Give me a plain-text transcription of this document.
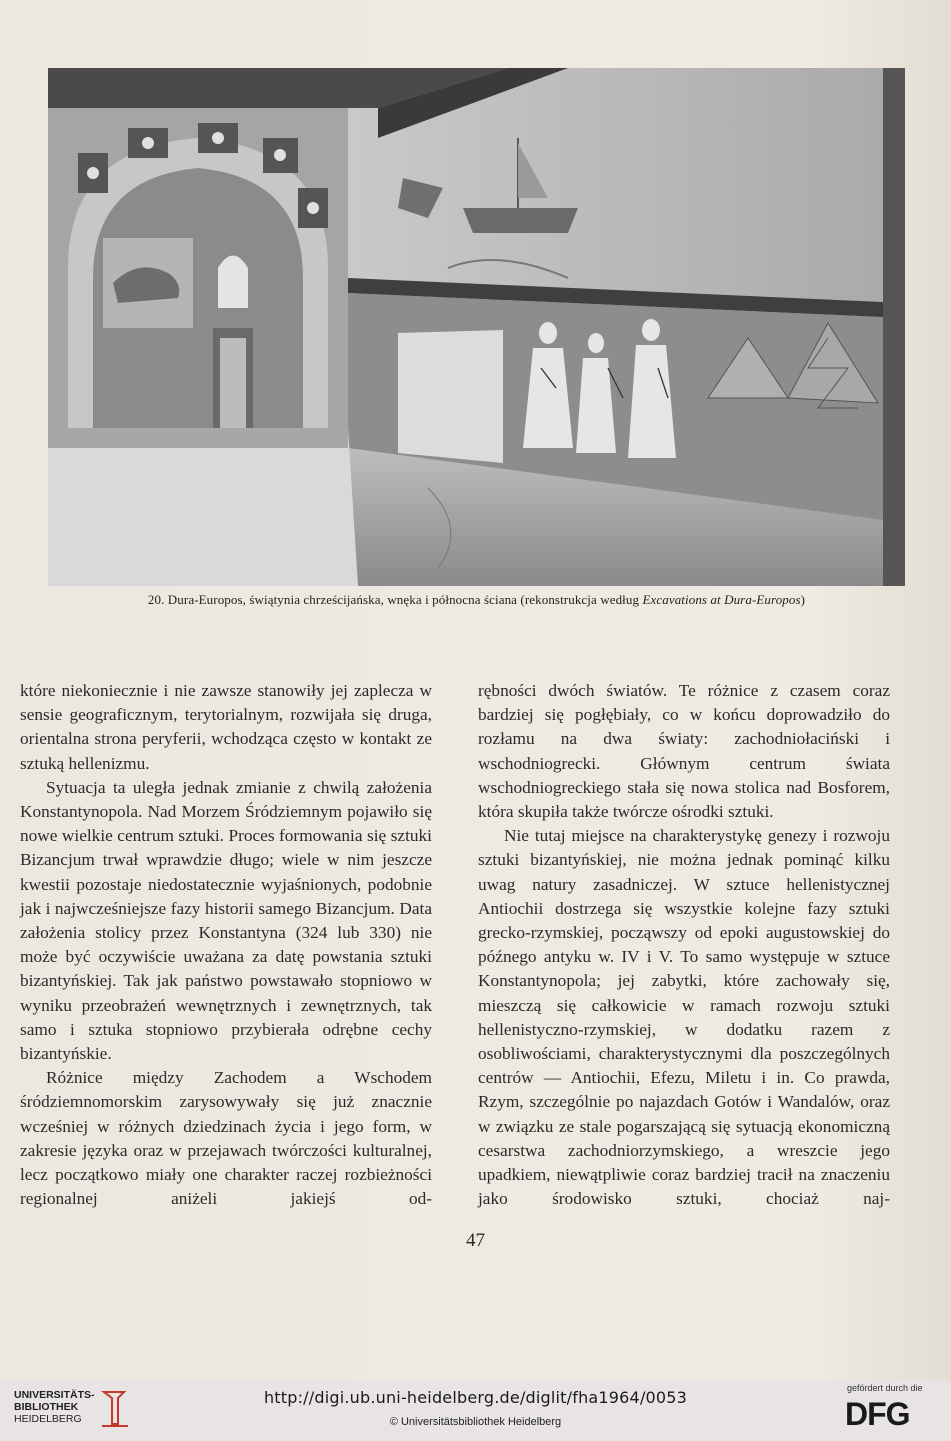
20. Dura-Europos, świątynia chrześcijańska, wnęka i północna ściana (rekonstrukcja według Excavations at Dura-Europos)

które niekoniecznie i nie zawsze stanowiły jej zaplecza w sensie geograficznym, terytorialnym, rozwijała się druga, orientalna strona peryferii, wchodząca często w kontakt ze sztuką hellenizmu.

Sytuacja ta uległa jednak zmianie z chwilą założenia Konstantynopola. Nad Morzem Śródziemnym pojawiło się nowe wielkie centrum sztuki. Proces formowania się sztuki Bizancjum trwał wprawdzie długo; wiele w nim jeszcze kwestii pozostaje niedostatecznie wyjaśnionych, podobnie jak i najwcześniejsze fazy historii samego Bizancjum. Data założenia stolicy przez Konstantyna (324 lub 330) nie może być oczywiście uważana za datę powstania sztuki bizantyńskiej. Tak jak państwo powstawało stopniowo w wyniku przeobrażeń wewnętrznych i zewnętrznych, tak samo i sztuka stopniowo przybierała odrębne cechy bizantyńskie.

Różnice między Zachodem a Wschodem śródziemnomorskim zarysowywały się już znacznie wcześniej w różnych dziedzinach życia i jego form, w zakresie języka oraz w przejawach twórczości kulturalnej, lecz początkowo miały one charakter raczej rozbieżności regionalnej aniżeli jakiejś od-

rębności dwóch światów. Te różnice z czasem coraz bardziej się pogłębiały, co w końcu doprowadziło do rozłamu na dwa światy: zachodniołaciński i wschodniogrecki. Głównym centrum świata wschodniogreckiego stała się nowa stolica nad Bosforem, która skupiła także twórcze ośrodki sztuki.

Nie tutaj miejsce na charakterystykę genezy i rozwoju sztuki bizantyńskiej, nie można jednak pominąć kilku uwag natury zasadniczej. W sztuce hellenistycznej Antiochii dostrzega się wszystkie kolejne fazy sztuki grecko-rzymskiej, począwszy od epoki augustowskiej do późnego antyku w. IV i V. To samo występuje w sztuce Konstantynopola; jej zabytki, które zachowały się, mieszczą się całkowicie w ramach rozwoju sztuki hellenistyczno-rzymskiej, w dodatku razem z osobliwościami, charakterystycznymi dla poszczególnych centrów — Antiochii, Efezu, Miletu i in. Co prawda, Rzym, szczególnie po najazdach Gotów i Wandalów, oraz w związku ze stale pogarszającą się sytuacją ekonomiczną cesarstwa zachodniorzymskiego, a wreszcie jego upadkiem, niewątpliwie coraz bardziej tracił na znaczeniu jako środowisko sztuki, chociaż naj-

47
UNIVERSITÄTS-
BIBLIOTHEK
HEIDELBERG
http://digi.ub.uni-heidelberg.de/diglit/fha1964/0053
© Universitätsbibliothek Heidelberg
gefördert durch die
DFG
